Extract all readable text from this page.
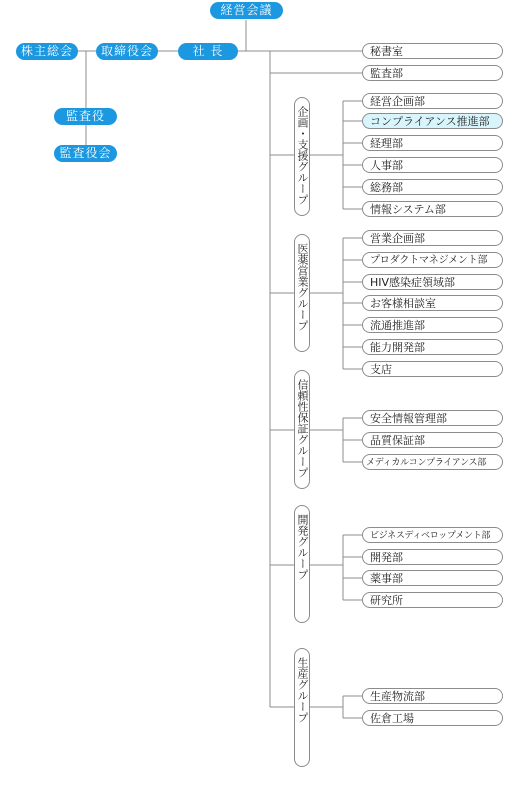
経営会議
株主総会	取締役会	社 長
監査役
監査役会
秘書室
監査部
企画・支援グループ
経営企画部
コンプライアンス推進部
経理部
人事部
総務部
情報システム部
医薬営業グループ
営業企画部
プロダクトマネジメント部
HIV感染症領域部
お客様相談室
流通推進部
能力開発部
支店
信頼性保証グループ	安全情報管理部
品質保証部
メディカルコンプライアンス部
開発グループ	ビジネスディベロップメント部
開発部
薬事部
研究所
生産グループ	生産物流部
佐倉工場
